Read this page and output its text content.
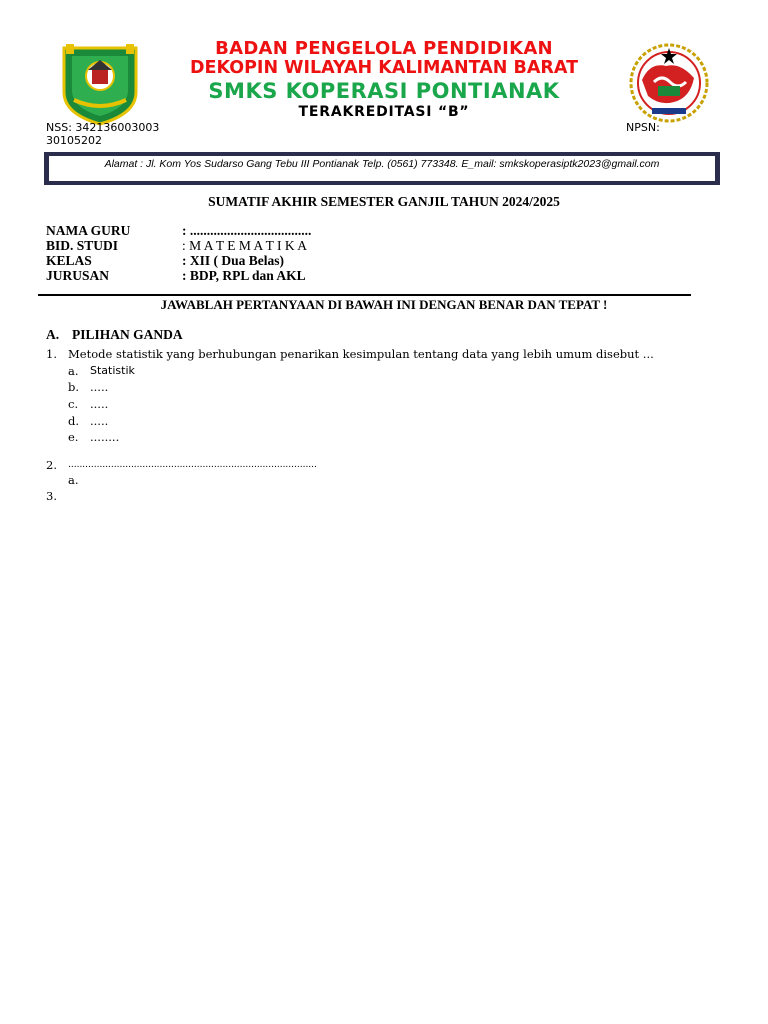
BADAN PENGELOLA PENDIDIKAN
DEKOPIN WILAYAH KALIMANTAN BARAT
SMKS KOPERASI PONTIANAK
TERAKREDITASI “B”
NSS: 342136003003
30105202
NPSN:
Alamat : Jl. Kom Yos Sudarso Gang Tebu III Pontianak Telp. (0561) 773348. E_mail: smkskoperasiptk2023@gmail.com
SUMATIF AKHIR SEMESTER GANJIL TAHUN 2024/2025
NAMA GURU	: ....................................
BID. STUDI	: M A T E M A T I K A
KELAS	: XII ( Dua Belas)
JURUSAN	: BDP, RPL dan AKL
JAWABLAH PERTANYAAN DI BAWAH INI DENGAN BENAR DAN TEPAT !
A. PILIHAN GANDA
1. Metode statistik yang berhubungan penarikan kesimpulan tentang data yang lebih umum disebut ...
a. Statistik
b. .....
c. .....
d. .....
e. ........
2. .......................................................................................
a.
3.
